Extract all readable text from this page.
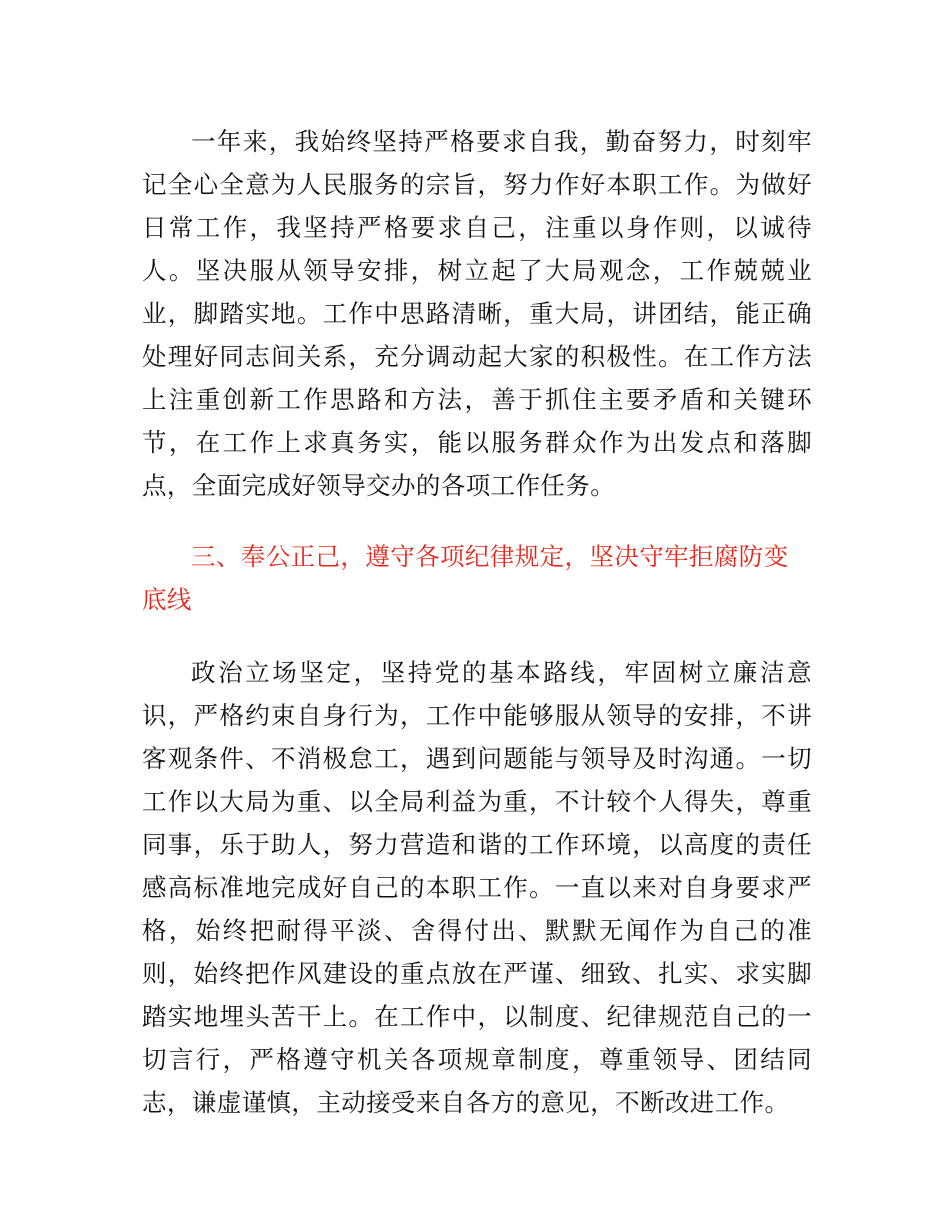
一年来，我始终坚持严格要求自我，勤奋努力，时刻牢记全心全意为人民服务的宗旨，努力作好本职工作。为做好日常工作，我坚持严格要求自己，注重以身作则，以诚待人。坚决服从领导安排，树立起了大局观念，工作兢兢业业，脚踏实地。工作中思路清晰，重大局，讲团结，能正确处理好同志间关系，充分调动起大家的积极性。在工作方法上注重创新工作思路和方法，善于抓住主要矛盾和关键环节，在工作上求真务实，能以服务群众作为出发点和落脚点，全面完成好领导交办的各项工作任务。

三、奉公正己，遵守各项纪律规定，坚决守牢拒腐防变底线

政治立场坚定，坚持党的基本路线，牢固树立廉洁意识，严格约束自身行为，工作中能够服从领导的安排，不讲客观条件、不消极怠工，遇到问题能与领导及时沟通。一切工作以大局为重、以全局利益为重，不计较个人得失，尊重同事，乐于助人，努力营造和谐的工作环境，以高度的责任感高标准地完成好自己的本职工作。一直以来对自身要求严格，始终把耐得平淡、舍得付出、默默无闻作为自己的准则，始终把作风建设的重点放在严谨、细致、扎实、求实脚踏实地埋头苦干上。在工作中，以制度、纪律规范自己的一切言行，严格遵守机关各项规章制度，尊重领导、团结同志，谦虚谨慎，主动接受来自各方的意见，不断改进工作。
